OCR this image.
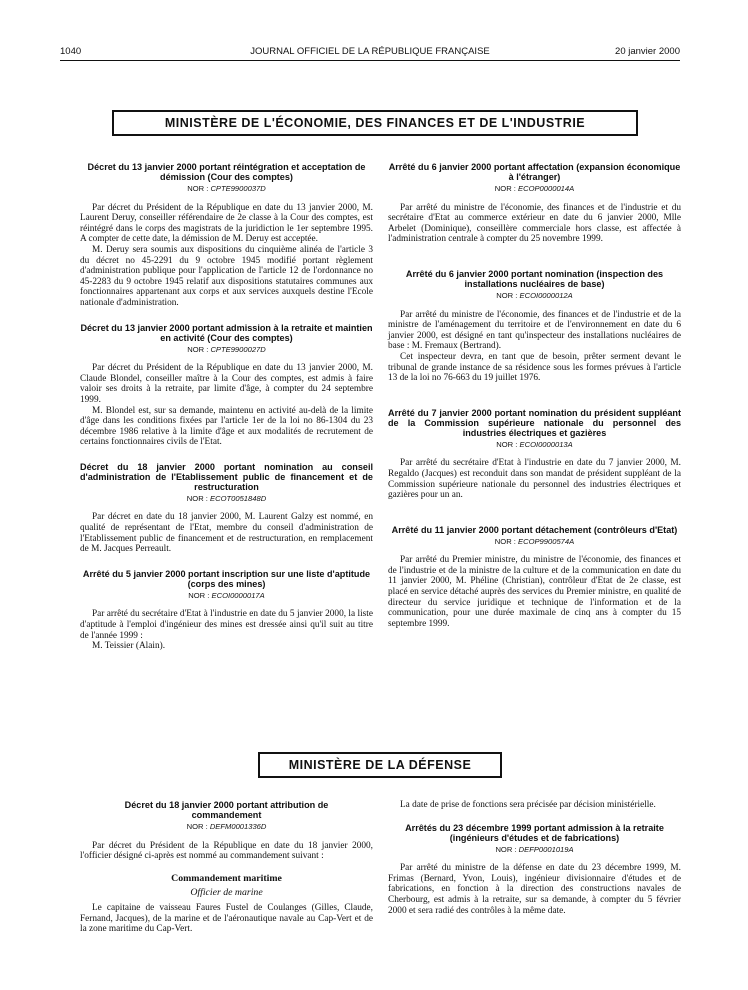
1040	JOURNAL OFFICIEL DE LA RÉPUBLIQUE FRANÇAISE	20 janvier 2000
MINISTÈRE DE L'ÉCONOMIE, DES FINANCES ET DE L'INDUSTRIE

Décret du 13 janvier 2000 portant réintégration et acceptation de démission (Cour des comptes)

NOR : CPTE9900037D

Par décret du Président de la République en date du 13 janvier 2000, M. Laurent Deruy, conseiller référendaire de 2e classe à la Cour des comptes, est réintégré dans le corps des magistrats de la juridiction le 1er septembre 1995. A compter de cette date, la démission de M. Deruy est acceptée.

M. Deruy sera soumis aux dispositions du cinquième alinéa de l'article 3 du décret no 45-2291 du 9 octobre 1945 modifié portant règlement d'administration publique pour l'application de l'article 12 de l'ordonnance no 45-2283 du 9 octobre 1945 relatif aux dispositions statutaires communes aux fonctionnaires appartenant aux corps et aux services auxquels destine l'Ecole nationale d'administration.

Décret du 13 janvier 2000 portant admission à la retraite et maintien en activité (Cour des comptes)

NOR : CPTE9900027D

Par décret du Président de la République en date du 13 janvier 2000, M. Claude Blondel, conseiller maître à la Cour des comptes, est admis à faire valoir ses droits à la retraite, par limite d'âge, à compter du 24 septembre 1999.

M. Blondel est, sur sa demande, maintenu en activité au-delà de la limite d'âge dans les conditions fixées par l'article 1er de la loi no 86-1304 du 23 décembre 1986 relative à la limite d'âge et aux modalités de recrutement de certains fonctionnaires civils de l'Etat.

Décret du 18 janvier 2000 portant nomination au conseil d'administration de l'Etablissement public de financement et de restructuration

NOR : ECOT0051848D

Par décret en date du 18 janvier 2000, M. Laurent Galzy est nommé, en qualité de représentant de l'Etat, membre du conseil d'administration de l'Etablissement public de financement et de restructuration, en remplacement de M. Jacques Perreault.

Arrêté du 5 janvier 2000 portant inscription sur une liste d'aptitude (corps des mines)

NOR : ECOI0000017A

Par arrêté du secrétaire d'Etat à l'industrie en date du 5 janvier 2000, la liste d'aptitude à l'emploi d'ingénieur des mines est dressée ainsi qu'il suit au titre de l'année 1999 :

M. Teissier (Alain).

Arrêté du 6 janvier 2000 portant affectation (expansion économique à l'étranger)

NOR : ECOP0000014A

Par arrêté du ministre de l'économie, des finances et de l'industrie et du secrétaire d'Etat au commerce extérieur en date du 6 janvier 2000, Mlle Arbelet (Dominique), conseillère commerciale hors classe, est affectée à l'administration centrale à compter du 25 novembre 1999.

Arrêté du 6 janvier 2000 portant nomination (inspection des installations nucléaires de base)

NOR : ECOI0000012A

Par arrêté du ministre de l'économie, des finances et de l'industrie et de la ministre de l'aménagement du territoire et de l'environnement en date du 6 janvier 2000, est désigné en tant qu'inspecteur des installations nucléaires de base : M. Fremaux (Bertrand).

Cet inspecteur devra, en tant que de besoin, prêter serment devant le tribunal de grande instance de sa résidence sous les formes prévues à l'article 13 de la loi no 76-663 du 19 juillet 1976.

Arrêté du 7 janvier 2000 portant nomination du président suppléant de la Commission supérieure nationale du personnel des industries électriques et gazières

NOR : ECOI0000013A

Par arrêté du secrétaire d'Etat à l'industrie en date du 7 janvier 2000, M. Regaldo (Jacques) est reconduit dans son mandat de président suppléant de la Commission supérieure nationale du personnel des industries électriques et gazières pour un an.

Arrêté du 11 janvier 2000 portant détachement (contrôleurs d'Etat)

NOR : ECOP9900574A

Par arrêté du Premier ministre, du ministre de l'économie, des finances et de l'industrie et de la ministre de la culture et de la communication en date du 11 janvier 2000, M. Phéline (Christian), contrôleur d'Etat de 2e classe, est placé en service détaché auprès des services du Premier ministre, en qualité de directeur du service juridique et technique de l'information et de la communication, pour une durée maximale de cinq ans à compter du 15 septembre 1999.

MINISTÈRE DE LA DÉFENSE

Décret du 18 janvier 2000 portant attribution de commandement

NOR : DEFM0001336D

Par décret du Président de la République en date du 18 janvier 2000, l'officier désigné ci-après est nommé au commandement suivant :

Commandement maritime

Officier de marine

Le capitaine de vaisseau Faures Fustel de Coulanges (Gilles, Claude, Fernand, Jacques), de la marine et de l'aéronautique navale au Cap-Vert et de la zone maritime du Cap-Vert.

La date de prise de fonctions sera précisée par décision ministérielle.

Arrêtés du 23 décembre 1999 portant admission à la retraite (ingénieurs d'études et de fabrications)

NOR : DEFP0001019A

Par arrêté du ministre de la défense en date du 23 décembre 1999, M. Frimas (Bernard, Yvon, Louis), ingénieur divisionnaire d'études et de fabrications, en fonction à la direction des constructions navales de Cherbourg, est admis à la retraite, sur sa demande, à compter du 5 février 2000 et sera radié des contrôles à la même date.
